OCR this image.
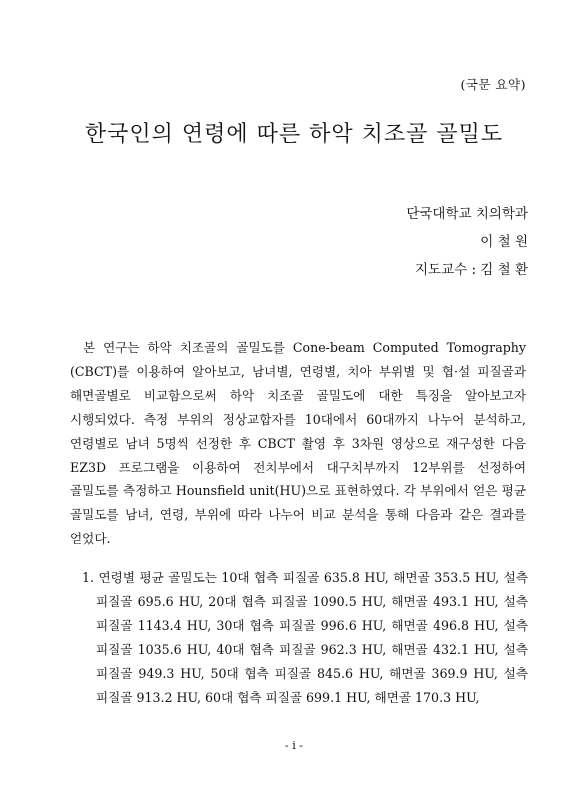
(국문 요약)
한국인의 연령에 따른 하악 치조골 골밀도
단국대학교 치의학과
이 철 원
지도교수 : 김 철 환

본 연구는 하악 치조골의 골밀도를 Cone-beam Computed Tomography (CBCT)를 이용하여 알아보고, 남녀별, 연령별, 치아 부위별 및 협·설 피질골과 해면골별로 비교함으로써 하악 치조골 골밀도에 대한 특징을 알아보고자 시행되었다. 측정 부위의 정상교합자를 10대에서 60대까지 나누어 분석하고, 연령별로 남녀 5명씩 선정한 후 CBCT 촬영 후 3차원 영상으로 재구성한 다음 EZ3D 프로그램을 이용하여 전치부에서 대구치부까지 12부위를 선정하여 골밀도를 측정하고 Hounsfield unit(HU)으로 표현하였다. 각 부위에서 얻은 평균 골밀도를 남녀, 연령, 부위에 따라 나누어 비교 분석을 통해 다음과 같은 결과를 얻었다.

1. 연령별 평균 골밀도는 10대 협측 피질골 635.8 HU, 해면골 353.5 HU, 설측 피질골 695.6 HU, 20대 협측 피질골 1090.5 HU, 해면골 493.1 HU, 설측 피질골 1143.4 HU, 30대 협측 피질골 996.6 HU, 해면골 496.8 HU, 설측 피질골 1035.6 HU, 40대 협측 피질골 962.3 HU, 해면골 432.1 HU, 설측 피질골 949.3 HU, 50대 협측 피질골 845.6 HU, 해면골 369.9 HU, 설측 피질골 913.2 HU, 60대 협측 피질골 699.1 HU, 해면골 170.3 HU,

- i -
